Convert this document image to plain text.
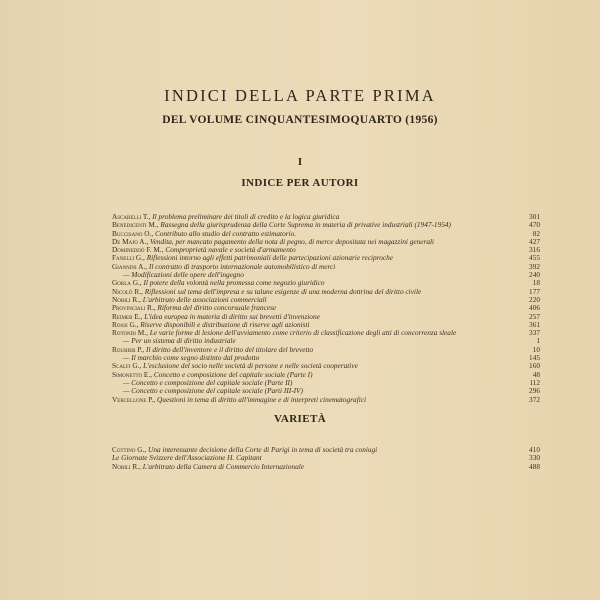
INDICI DELLA PARTE PRIMA
DEL VOLUME CINQUANTESIMOQUARTO (1956)
I
INDICE PER AUTORI
Ascarelli T., Il problema preliminare dei titoli di credito e la logica giuridica	301
Benedicenti M., Rassegna della giurisprudenza della Corte Suprema in materia di privative industriali (1947-1954)	470
Buccisano O., Contributo allo studio del contratto estimatorio.	82
De Majo A., Vendita, per mancato pagamento della nota di pegno, di merce depositata nei magazzini generali	427
Domineddò F. M., Comproprietà navale e società d'armamento	316
Fanelli G., Riflessioni intorno agli effetti patrimoniali delle partecipazioni azionarie reciproche	455
Giannini A., Il contratto di trasporto internazionale automobilistico di merci	392
— Modificazioni delle opere dell'ingegno	240
Gorla G., Il potere della volontà nella promessa come negozio giuridico	18
Nicolò R., Riflessioni sul tema dell'impresa e su talune esigenze di una moderna dottrina del diritto civile	177
Nobili R., L'arbitrato delle associazioni commerciali	220
Provinciali R., Riforma del diritto concorsuale francese	406
Reimer E., L'idea europea in materia di diritto sui brevetti d'invenzione	257
Rossi G., Riserve disponibili e distribuzione di riserve agli azionisti	361
Rotondi M., Le varie forme di lesione dell'avviamento come criterio di classificazione degli atti di concorrenza sleale	337
— Per un sistema di diritto industriale	1
Roubier P., Il diritto dell'inventore e il diritto del titolare del brevetto	10
— Il marchio come segno distinto dal prodotto	145
Scalfi G., L'esclusione del socio nelle società di persone e nelle società cooperative	160
Simonetto E., Concetto e composizione del capitale sociale (Parte I)	48
— Concetto e composizione del capitale sociale (Parte II)	112
— Concetto e composizione del capitale sociale (Parti III-IV)	296
Vercellone P., Questioni in tema di diritto all'immagine e di interpreti cinematografici	372
VARIETÀ
Cottino G., Una interessante decisione della Corte di Parigi in tema di società tra coniugi	410
Le Giornate Svizzere dell'Associazione H. Capitant	330
Nobili R., L'arbitrato della Camera di Commercio Internazionale	488
